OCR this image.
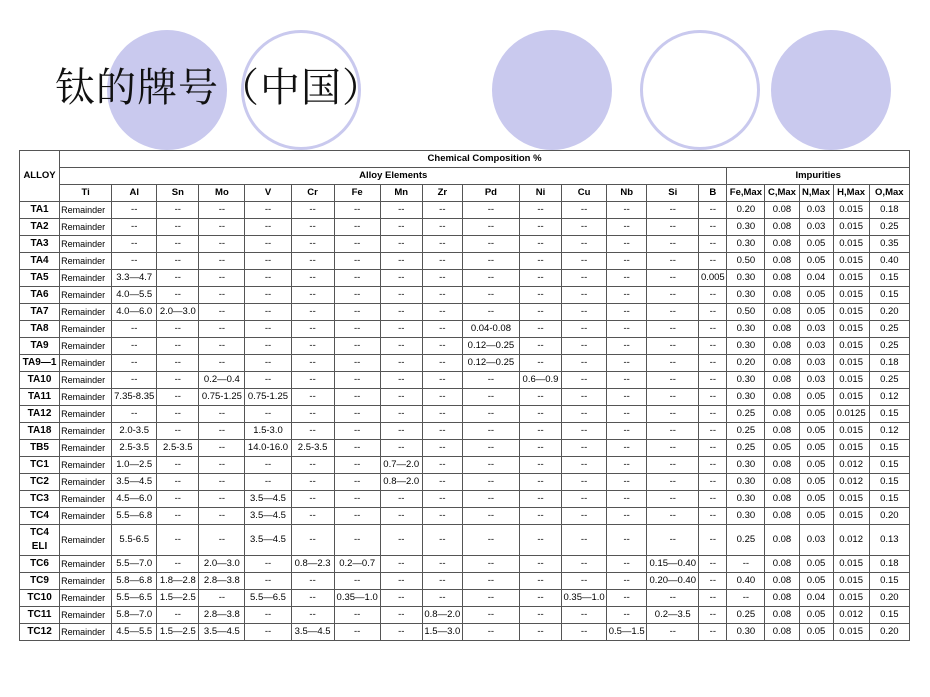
钛的牌号（中国）
ALLOY	Chemical Composition %																			
	Alloy Elements															Impurities				
	Ti	Al	Sn	Mo	V	Cr	Fe	Mn	Zr	Pd	Ni	Cu	Nb	Si	B	Fe,Max	C,Max	N,Max	H,Max	O,Max
TA1	Remainder	--	--	--	--	--	--	--	--	--	--	--	--	--	--	0.20	0.08	0.03	0.015	0.18
TA2	Remainder	--	--	--	--	--	--	--	--	--	--	--	--	--	--	0.30	0.08	0.03	0.015	0.25
TA3	Remainder	--	--	--	--	--	--	--	--	--	--	--	--	--	--	0.30	0.08	0.05	0.015	0.35
TA4	Remainder	--	--	--	--	--	--	--	--	--	--	--	--	--	--	0.50	0.08	0.05	0.015	0.40
TA5	Remainder	3.3—4.7	--	--	--	--	--	--	--	--	--	--	--	--	0.005	0.30	0.08	0.04	0.015	0.15
TA6	Remainder	4.0—5.5	--	--	--	--	--	--	--	--	--	--	--	--	--	0.30	0.08	0.05	0.015	0.15
TA7	Remainder	4.0—6.0	2.0—3.0	--	--	--	--	--	--	--	--	--	--	--	--	0.50	0.08	0.05	0.015	0.20
TA8	Remainder	--	--	--	--	--	--	--	--	0.04-0.08	--	--	--	--	--	0.30	0.08	0.03	0.015	0.25
TA9	Remainder	--	--	--	--	--	--	--	--	0.12—0.25	--	--	--	--	--	0.30	0.08	0.03	0.015	0.25
TA9—1	Remainder	--	--	--	--	--	--	--	--	0.12—0.25	--	--	--	--	--	0.20	0.08	0.03	0.015	0.18
TA10	Remainder	--	--	0.2—0.4	--	--	--	--	--	--	0.6—0.9	--	--	--	--	0.30	0.08	0.03	0.015	0.25
TA11	Remainder	7.35-8.35	--	0.75-1.25	0.75-1.25	--	--	--	--	--	--	--	--	--	--	0.30	0.08	0.05	0.015	0.12
TA12	Remainder	--	--	--	--	--	--	--	--	--	--	--	--	--	--	0.25	0.08	0.05	0.0125	0.15
TA18	Remainder	2.0-3.5	--	--	1.5-3.0	--	--	--	--	--	--	--	--	--	--	0.25	0.08	0.05	0.015	0.12
TB5	Remainder	2.5-3.5	2.5-3.5	--	14.0-16.0	2.5-3.5	--	--	--	--	--	--	--	--	--	0.25	0.05	0.05	0.015	0.15
TC1	Remainder	1.0—2.5	--	--	--	--	--	0.7—2.0	--	--	--	--	--	--	--	0.30	0.08	0.05	0.012	0.15
TC2	Remainder	3.5—4.5	--	--	--	--	--	0.8—2.0	--	--	--	--	--	--	--	0.30	0.08	0.05	0.012	0.15
TC3	Remainder	4.5—6.0	--	--	3.5—4.5	--	--	--	--	--	--	--	--	--	--	0.30	0.08	0.05	0.015	0.15
TC4	Remainder	5.5—6.8	--	--	3.5—4.5	--	--	--	--	--	--	--	--	--	--	0.30	0.08	0.05	0.015	0.20
TC4 ELI	Remainder	5.5-6.5	--	--	3.5—4.5	--	--	--	--	--	--	--	--	--	--	0.25	0.08	0.03	0.012	0.13
TC6	Remainder	5.5—7.0	--	2.0—3.0	--	0.8—2.3	0.2—0.7	--	--	--	--	--	--	0.15—0.40	--	--	0.08	0.05	0.015	0.18
TC9	Remainder	5.8—6.8	1.8—2.8	2.8—3.8	--	--	--	--	--	--	--	--	--	0.20—0.40	--	0.40	0.08	0.05	0.015	0.15
TC10	Remainder	5.5—6.5	1.5—2.5	--	5.5—6.5	--	0.35—1.0	--	--	--	--	0.35—1.0	--	--	--	--	0.08	0.04	0.015	0.20
TC11	Remainder	5.8—7.0	--	2.8—3.8	--	--	--	--	0.8—2.0	--	--	--	--	0.2—3.5	--	0.25	0.08	0.05	0.012	0.15
TC12	Remainder	4.5—5.5	1.5—2.5	3.5—4.5	--	3.5—4.5	--	--	1.5—3.0	--	--	--	0.5—1.5	--	--	0.30	0.08	0.05	0.015	0.20
